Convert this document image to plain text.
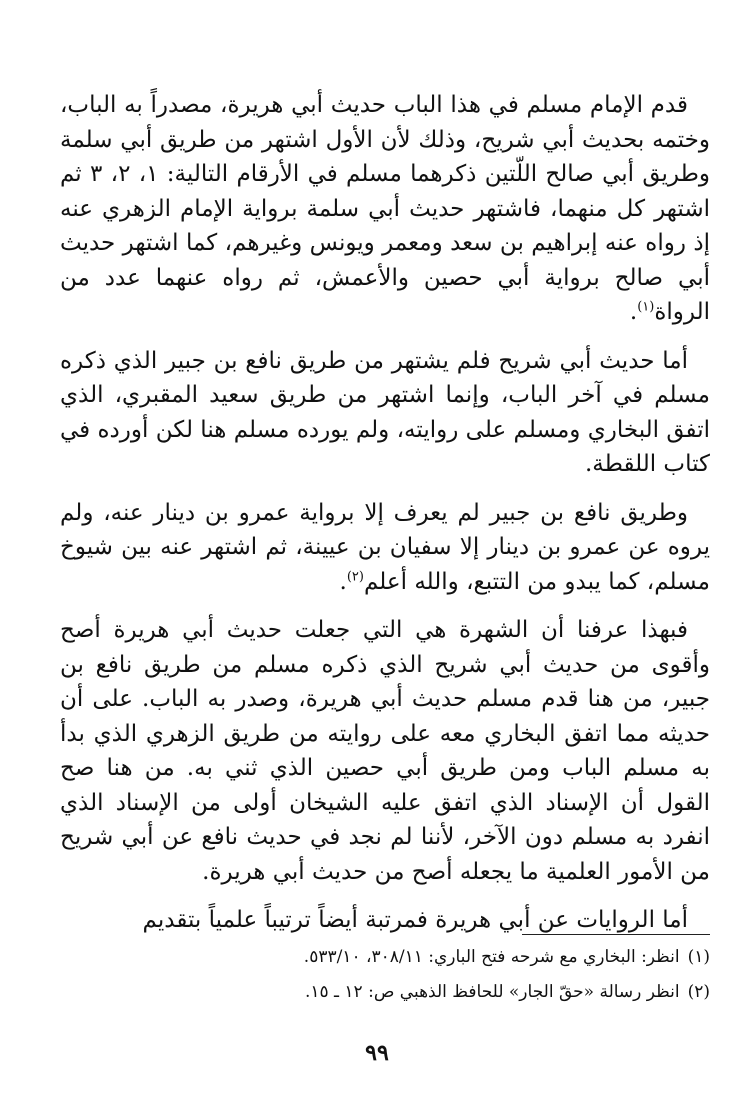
قدم الإمام مسلم في هذا الباب حديث أبي هريرة، مصدراً به الباب، وختمه بحديث أبي شريح، وذلك لأن الأول اشتهر من طريق أبي سلمة وطريق أبي صالح اللّتين ذكرهما مسلم في الأرقام التالية: ١، ٢، ٣ ثم اشتهر كل منهما، فاشتهر حديث أبي سلمة برواية الإمام الزهري عنه إذ رواه عنه إبراهيم بن سعد ومعمر ويونس وغيرهم، كما اشتهر حديث أبي صالح برواية أبي حصين والأعمش، ثم رواه عنهما عدد من الرواة$^{(١)}$.

أما حديث أبي شريح فلم يشتهر من طريق نافع بن جبير الذي ذكره مسلم في آخر الباب، وإنما اشتهر من طريق سعيد المقبري، الذي اتفق البخاري ومسلم على روايته، ولم يورده مسلم هنا لكن أورده في كتاب اللقطة.

وطريق نافع بن جبير لم يعرف إلا برواية عمرو بن دينار عنه، ولم يروه عن عمرو بن دينار إلا سفيان بن عيينة، ثم اشتهر عنه بين شيوخ مسلم، كما يبدو من التتبع، والله أعلم$^{(٢)}$.

فبهذا عرفنا أن الشهرة هي التي جعلت حديث أبي هريرة أصح وأقوى من حديث أبي شريح الذي ذكره مسلم من طريق نافع بن جبير، من هنا قدم مسلم حديث أبي هريرة، وصدر به الباب. على أن حديثه مما اتفق البخاري معه على روايته من طريق الزهري الذي بدأ به مسلم الباب ومن طريق أبي حصين الذي ثني به. من هنا صح القول أن الإسناد الذي اتفق عليه الشيخان أولى من الإسناد الذي انفرد به مسلم دون الآخر، لأننا لم نجد في حديث نافع عن أبي شريح من الأمور العلمية ما يجعله أصح من حديث أبي هريرة.

أما الروايات عن أبي هريرة فمرتبة أيضاً ترتيباً علمياً بتقديم

(١)انظر: البخاري مع شرحه فتح الباري: ٣٠٨/١١، ٥٣٣/١٠.

(٢)انظر رسالة «حقّ الجار» للحافظ الذهبي ص: ١٢ ـ ١٥.

٩٩
